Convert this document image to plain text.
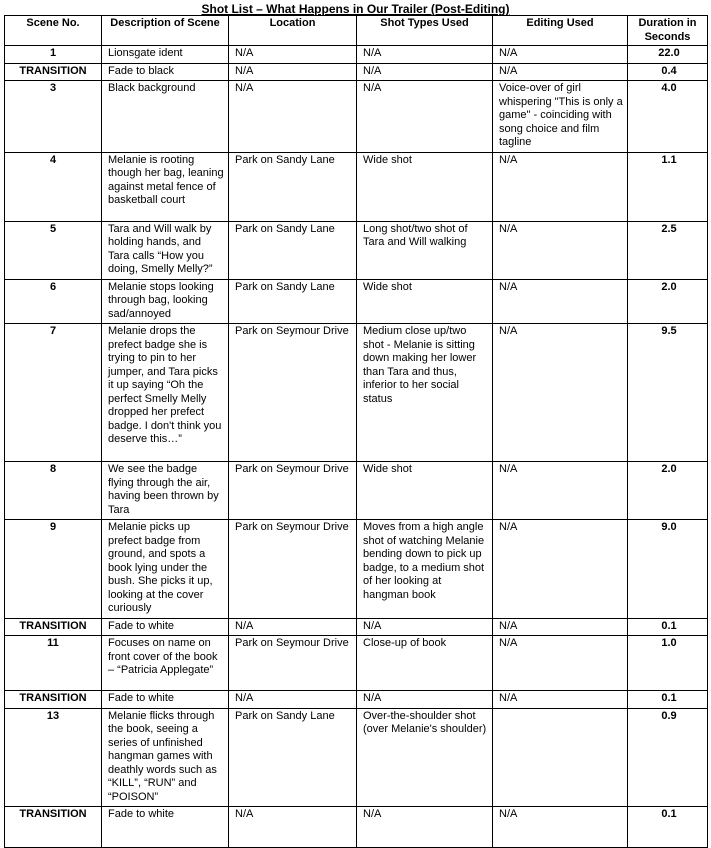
Shot List – What Happens in Our Trailer (Post-Editing)
Scene No.	Description of Scene	Location	Shot Types Used	Editing Used	Duration in Seconds
1	Lionsgate ident	N/A	N/A	N/A	22.0
TRANSITION	Fade to black	N/A	N/A	N/A	0.4
3	Black background	N/A	N/A	Voice-over of girl whispering "This is only a game" - coinciding with song choice and film tagline	4.0
4	Melanie is rooting though her bag, leaning against metal fence of basketball court	Park on Sandy Lane	Wide shot	N/A	1.1
5	Tara and Will walk by holding hands, and Tara calls “How you doing, Smelly Melly?”	Park on Sandy Lane	Long shot/two shot of Tara and Will walking	N/A	2.5
6	Melanie stops looking through bag, looking sad/annoyed	Park on Sandy Lane	Wide shot	N/A	2.0
7	Melanie drops the prefect badge she is trying to pin to her jumper, and Tara picks it up saying “Oh the perfect Smelly Melly dropped her prefect badge. I don't think you deserve this…”	Park on Seymour Drive	Medium close up/two shot - Melanie is sitting down making her lower than Tara and thus, inferior to her social status	N/A	9.5
8	We see the badge flying through the air, having been thrown by Tara	Park on Seymour Drive	Wide shot	N/A	2.0
9	Melanie picks up prefect badge from ground, and spots a book lying under the bush. She picks it up, looking at the cover curiously	Park on Seymour Drive	Moves from a high angle shot of watching Melanie bending down to pick up badge, to a medium shot of her looking at hangman book	N/A	9.0
TRANSITION	Fade to white	N/A	N/A	N/A	0.1
11	Focuses on name on front cover of the book – “Patricia Applegate”	Park on Seymour Drive	Close-up of book	N/A	1.0
TRANSITION	Fade to white	N/A	N/A	N/A	0.1
13	Melanie flicks through the book, seeing a series of unfinished hangman games with deathly words such as “KILL”, “RUN” and “POISON”	Park on Sandy Lane	Over-the-shoulder shot (over Melanie's shoulder)		0.9
TRANSITION	Fade to white	N/A	N/A	N/A	0.1
